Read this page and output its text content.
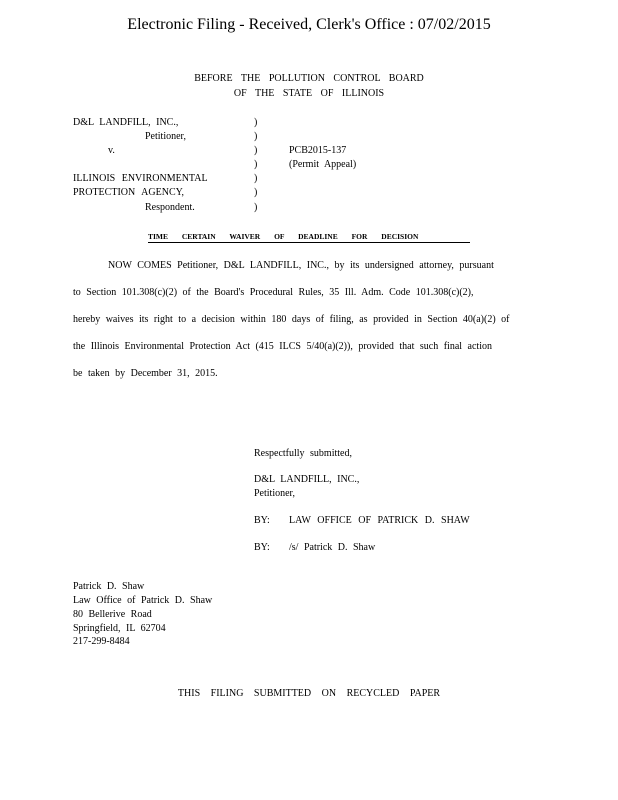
Electronic Filing - Received, Clerk's Office : 07/02/2015
BEFORE THE POLLUTION CONTROL BOARD
OF THE STATE OF ILLINOIS
D&L LANDFILL, INC.,
Petitioner,
v.
ILLINOIS ENVIRONMENTAL
PROTECTION AGENCY,
Respondent.
)
)
)
)
)
)
)
PCB2015-137
(Permit Appeal)
TIME CERTAIN WAIVER OF DEADLINE FOR DECISION
NOW COMES Petitioner, D&L LANDFILL, INC., by its undersigned attorney, pursuant
to Section 101.308(c)(2) of the Board's Procedural Rules, 35 Ill. Adm. Code 101.308(c)(2),
hereby waives its right to a decision within 180 days of filing, as provided in Section 40(a)(2) of
the Illinois Environmental Protection Act (415 ILCS 5/40(a)(2)), provided that such final action
be taken by December 31, 2015.
Respectfully submitted,
D&L LANDFILL, INC.,
Petitioner,
BY: LAW OFFICE OF PATRICK D. SHAW
BY: /s/ Patrick D. Shaw
Patrick D. Shaw
Law Office of Patrick D. Shaw
80 Bellerive Road
Springfield, IL 62704
217-299-8484
THIS FILING SUBMITTED ON RECYCLED PAPER
